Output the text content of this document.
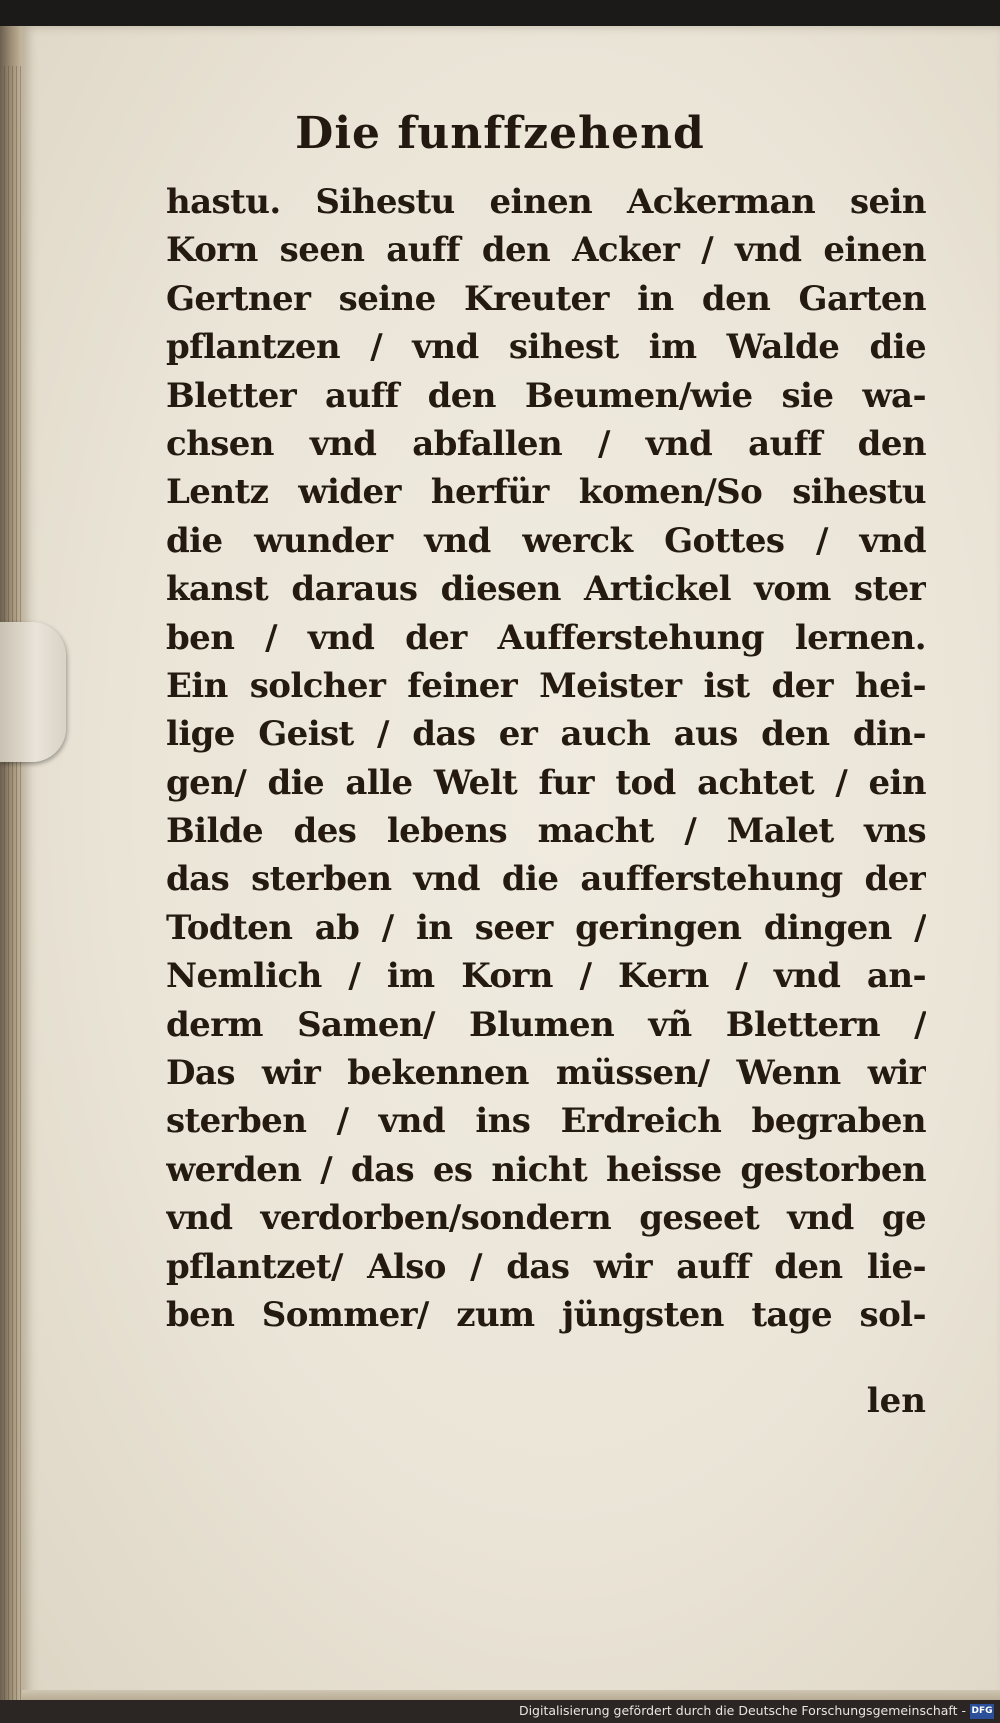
Die funffzehend
hastu. Sihestu einen Ackerman sein
Korn seen auff den Acker / vnd einen
Gertner seine Kreuter in den Garten
pflantzen / vnd sihest im Walde die
Bletter auff den Beumen/wie sie wa-
chsen vnd abfallen / vnd auff den
Lentz wider herfür komen/So sihestu
die wunder vnd werck Gottes / vnd
kanst daraus diesen Artickel vom ster
ben / vnd der Aufferstehung lernen.
Ein solcher feiner Meister ist der hei-
lige Geist / das er auch aus den din-
gen/ die alle Welt fur tod achtet / ein
Bilde des lebens macht / Malet vns
das sterben vnd die aufferstehung der
Todten ab / in seer geringen dingen /
Nemlich / im Korn / Kern / vnd an-
derm Samen/ Blumen vñ Blettern /
Das wir bekennen müssen/ Wenn wir
sterben / vnd ins Erdreich begraben
werden / das es nicht heisse gestorben
vnd verdorben/sondern geseet vnd ge
pflantzet/ Also / das wir auff den lie-
ben Sommer/ zum jüngsten tage sol-
len
Digitalisierung gefördert durch die Deutsche Forschungsgemeinschaft - DFG
